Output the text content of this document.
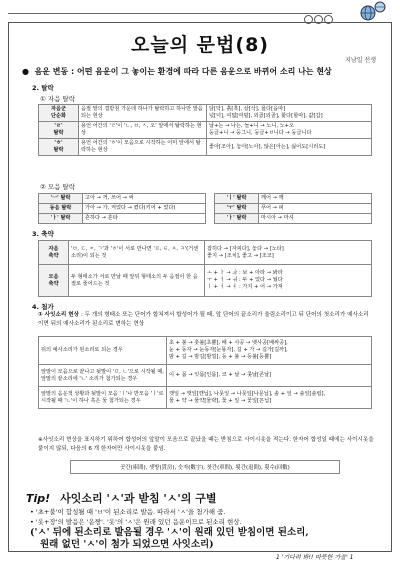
오늘의 문법(8)
지남일 선생
●  음운 변동 : 어떤 음운이 그 놓이는 환경에 따라 다른 음운으로 바뀌어 소리 나는 현상
2. 탈락
① 자음 탈락
자음군
단순화	음절 말의 겹받침 가운데 하나가 탈락하고 하나만 발음되는 현상	닭[닥], 흙[흑], 삯[삭], 읊다[읍따]
넋[넉], 여덟[여덜], 외곬[외골], 핥다[할따], 값[갑]
'ㄹ'
탈락	용언 어간의 'ㄹ'이 'ㄴ, ㅂ, ㅅ, 오' 앞에서 탈락하는 현상	날+는 → 나는, 놀+니 → 노니, 노+오
둥글+니 → 둥그니, 둥글+ㅂ니다 → 둥급니다
'ㅎ'
탈락	용언 어간의 'ㅎ'이 모음으로 시작하는 어미 앞에서 탈락하는 현상	좋아[조아], 놓아[노아], 않은[아는], 싫어도[시러도]
② 모음 탈락
'ㅡ' 탈락	고아 → 꺼, 쓰어 → 써
동음 탈락	가아 → 가, 켜었다 → 켰다(키어 + 었다)
'ㅏ' 탈락	흔하다 → 흔타
'ㅣ' 탈락	깨어 → 깨
'ㅜ' 탈락	푸어 → 퍼
'ㅏ' 탈락	마시아 → 마셔
3. 축약
자음
축약	'ㅂ, ㄷ, ㅈ, ㄱ'과 'ㅎ'이 서로 만나면 'ㅍ, ㅌ, ㅊ, ㅋ'(거센소리)이 되는 것	잡히다 → [자피다], 놓다 → [노타]
좋지 → [조치], 좋고 → [조코]
모음
축약	두 형태소가 서로 만날 때 앞뒤 형태소의 두 음절이 한 음절로 줄어드는 것	ㅗ + ㅏ → ㅘ : 보 + 아라 → 봐라
ㅜ + ㅓ → ㅝ : 두 + 었다 → 뒀다
ㅣ + ㅓ → ㅕ : 가지 + 어 → 가져
4. 첨가
① 사잇소리 현상 : 두 개의 형태소 또는 단어가 합쳐져서 합성어가 될 때, 앞 단어의 끝소리가 울림소리이고 뒤 단어의 첫소리가 예사소리이면 뒤의 예사소리가 된소리로 변하는 현상
뒤의 예사소리가 된소리로 되는 경우	초 + 불 → 촛불[초뿔], 배 + 사공 → 뱃사공[배싸공],
눈 + 동자 → 눈동자[눈똥자], 길 + 가 → 길가[길까],
밤 + 길 → 밤길[밤낄], 등 + 불 → 등불[등뿔]
앞말이 모음으로 끝나고 뒷말이 'ㅁ, ㄴ'으로 시작될 때, 앞말의 끝소리에 'ㄴ' 소리가 첨가되는 경우	이 + 몸 → 잇몸[인몸], 코 + 날 → 콧날[콘날]
앞말의 음운적 상황과 뒷말이 모음 'ㅣ'나 반모음 'ㅣ'로 시작될 때 'ㄴ'이 하나 혹은 둘 첨가되는 경우	깻잎 → 깻잎[깬닙], 나뭇잎 → 나뭇잎[나문닙], 솔 + 잎 → 솔잎[솔립],
물 + 약 → 물약[물략], 꽃 + 잎 → 꽃잎[꼰닙]
※사잇소리 현상을 표시하기 위하여 합성어의 앞말이 모음으로 끝났을 때는 받침으로 사이시옷을 적는다. 한자어 합성일 때에는 사이시옷을 붙이지 않되, 다음의 6 개 한자어만 사이시옷을 붙임.
곳간(庫間), 셋방(貰房), 숫자(數字), 찻간(車間), 툇간(退間), 횟수(回數)
Tip! 사잇소리 'ㅅ'과 받침 'ㅅ'의 구별
• '초+불'이 합성될 때 'ㅂ'이 된소리로 발음. 따라서 'ㅅ'을 첨가해 줌.
• '옷+장'의 발음은 '옫짱'. '옷'의 'ㅅ'은 원래 있던 음운이므로 된소리 현상.
('ㅅ' 뒤에 된소리로 발음될 경우 'ㅅ'이 원래 있던 받침이면 된소리,
원래 없던 'ㅅ'이 첨가 되었으면 사잇소리)
1 '기다려 봐!! 따뜻한 가을' 1
